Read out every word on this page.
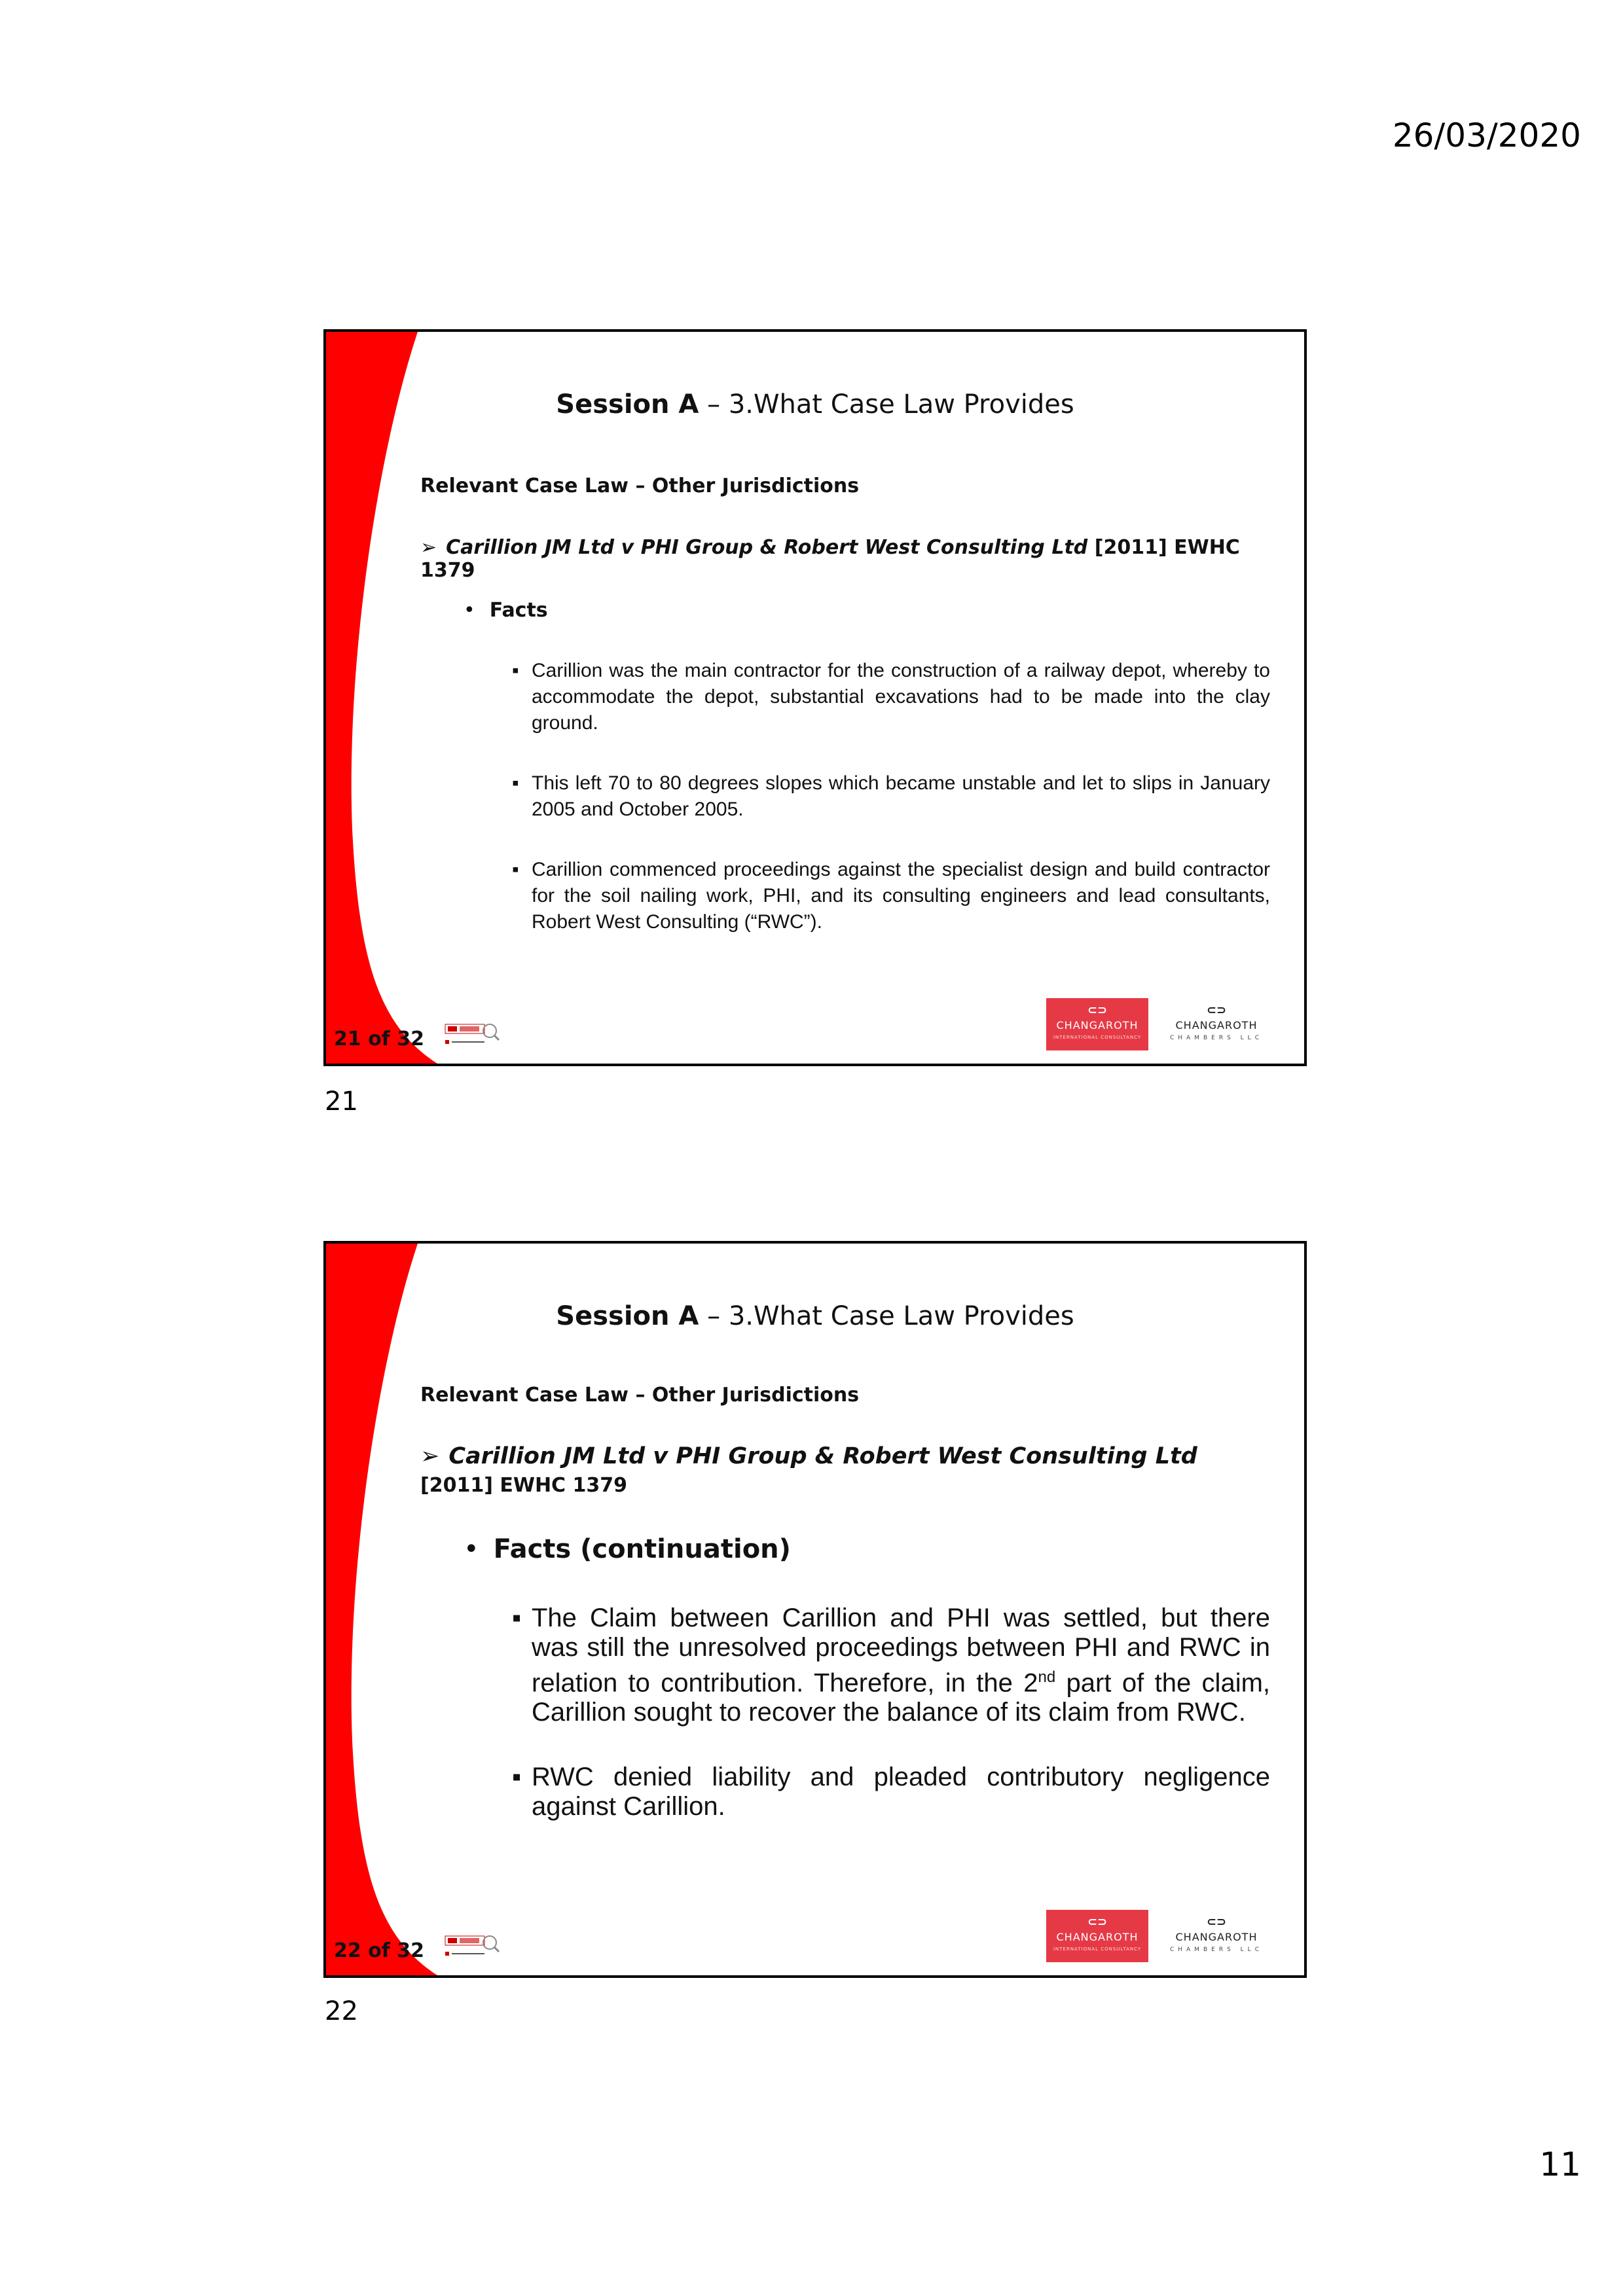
26/03/2020
Session A – 3.What Case Law Provides
Relevant Case Law – Other Jurisdictions
➢ Carillion JM Ltd v PHI Group & Robert West Consulting Ltd [2011] EWHC 1379
• Facts
▪ Carillion was the main contractor for the construction of a railway depot, whereby to accommodate the depot, substantial excavations had to be made into the clay ground.
▪ This left 70 to 80 degrees slopes which became unstable and let to slips in January 2005 and October 2005.
▪ Carillion commenced proceedings against the specialist design and build contractor for the soil nailing work, PHI, and its consulting engineers and lead consultants, Robert West Consulting (“RWC”).
21 of 32
⊂⊃
CHANGAROTH
INTERNATIONAL CONSULTANCY
⊂⊃
CHANGAROTH
CHAMBERS LLC
21
Session A – 3.What Case Law Provides
Relevant Case Law – Other Jurisdictions
➢ Carillion JM Ltd v PHI Group & Robert West Consulting Ltd
[2011] EWHC 1379
• Facts (continuation)
▪ The Claim between Carillion and PHI was settled, but there was still the unresolved proceedings between PHI and RWC in relation to contribution. Therefore, in the 2nd part of the claim, Carillion sought to recover the balance of its claim from RWC.
▪ RWC denied liability and pleaded contributory negligence against Carillion.
22 of 32
⊂⊃
CHANGAROTH
INTERNATIONAL CONSULTANCY
⊂⊃
CHANGAROTH
CHAMBERS LLC
22
11
